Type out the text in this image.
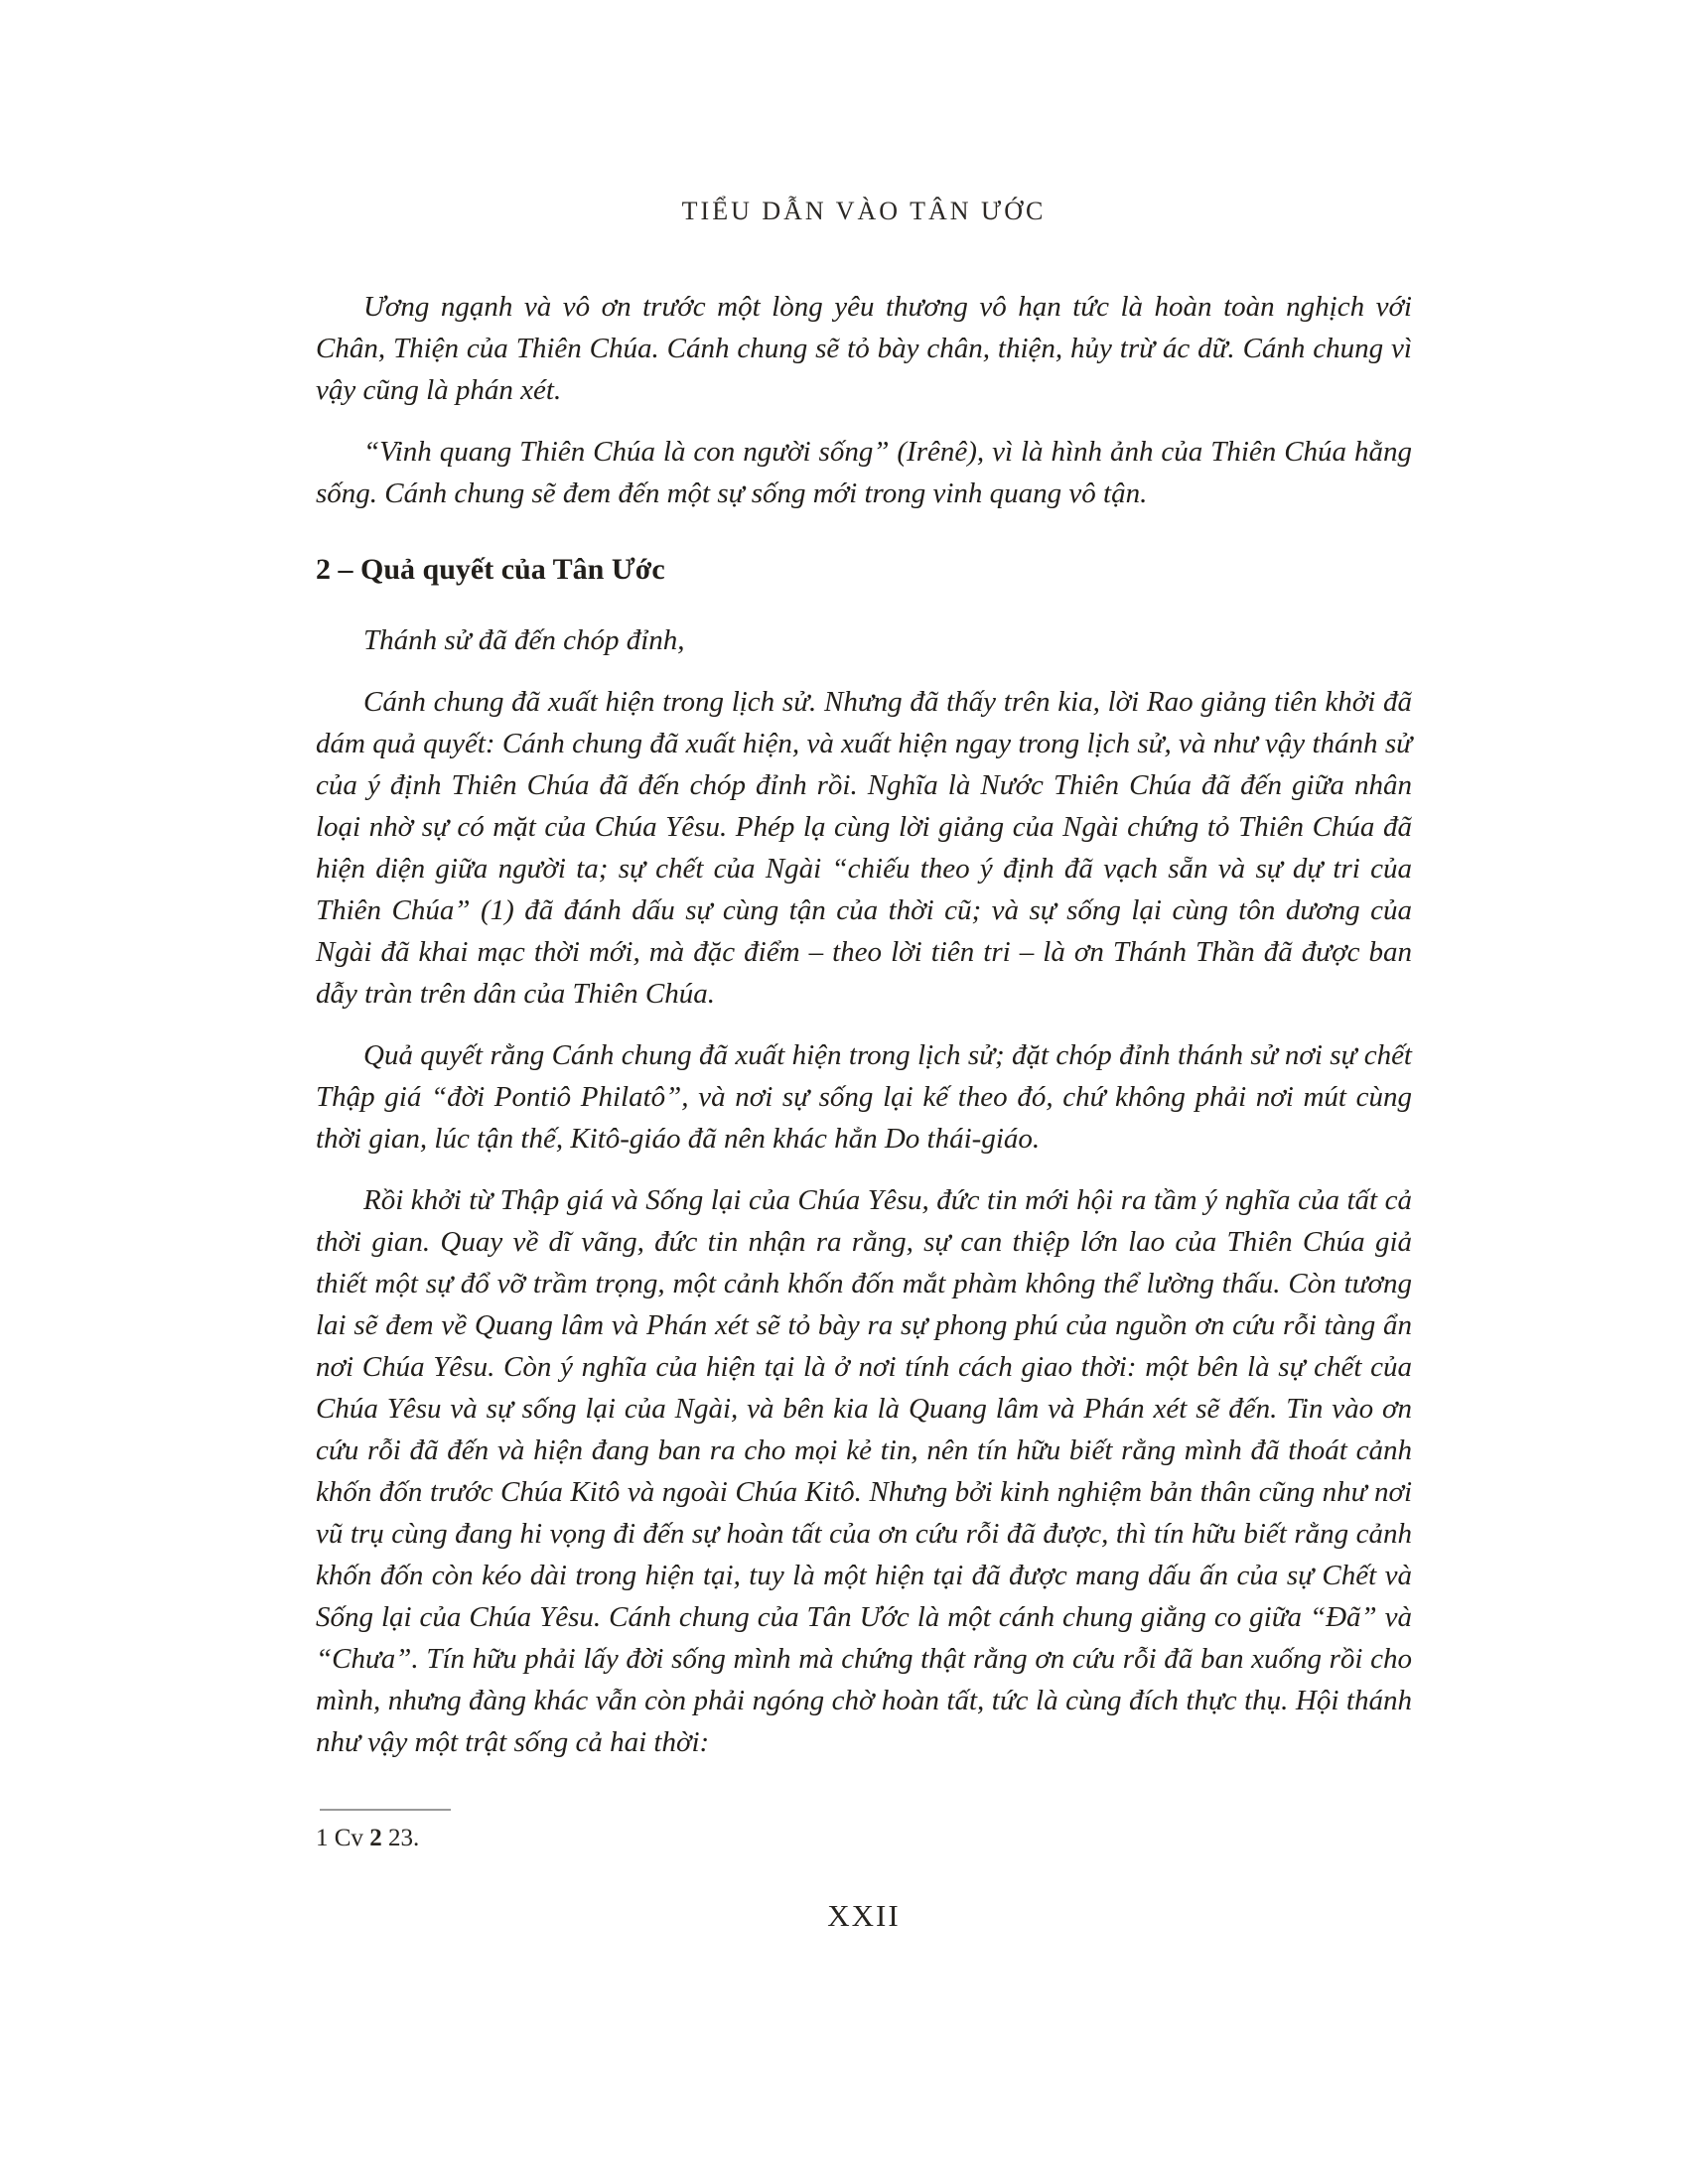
TIỂU DẪN VÀO TÂN ƯỚC

Ương ngạnh và vô ơn trước một lòng yêu thương vô hạn tức là hoàn toàn nghịch với Chân, Thiện của Thiên Chúa. Cánh chung sẽ tỏ bày chân, thiện, hủy trừ ác dữ. Cánh chung vì vậy cũng là phán xét.

“Vinh quang Thiên Chúa là con người sống” (Irênê), vì là hình ảnh của Thiên Chúa hằng sống. Cánh chung sẽ đem đến một sự sống mới trong vinh quang vô tận.

2 – Quả quyết của Tân Ước

Thánh sử đã đến chóp đỉnh,

Cánh chung đã xuất hiện trong lịch sử. Nhưng đã thấy trên kia, lời Rao giảng tiên khởi đã dám quả quyết: Cánh chung đã xuất hiện, và xuất hiện ngay trong lịch sử, và như vậy thánh sử của ý định Thiên Chúa đã đến chóp đỉnh rồi. Nghĩa là Nước Thiên Chúa đã đến giữa nhân loại nhờ sự có mặt của Chúa Yêsu. Phép lạ cùng lời giảng của Ngài chứng tỏ Thiên Chúa đã hiện diện giữa người ta; sự chết của Ngài “chiếu theo ý định đã vạch sẵn và sự dự tri của Thiên Chúa” (1) đã đánh dấu sự cùng tận của thời cũ; và sự sống lại cùng tôn dương của Ngài đã khai mạc thời mới, mà đặc điểm – theo lời tiên tri – là ơn Thánh Thần đã được ban dẫy tràn trên dân của Thiên Chúa.

Quả quyết rằng Cánh chung đã xuất hiện trong lịch sử; đặt chóp đỉnh thánh sử nơi sự chết Thập giá “đời Pontiô Philatô”, và nơi sự sống lại kế theo đó, chứ không phải nơi mút cùng thời gian, lúc tận thế, Kitô-giáo đã nên khác hẳn Do thái-giáo.

Rồi khởi từ Thập giá và Sống lại của Chúa Yêsu, đức tin mới hội ra tầm ý nghĩa của tất cả thời gian. Quay về dĩ vãng, đức tin nhận ra rằng, sự can thiệp lớn lao của Thiên Chúa giả thiết một sự đổ vỡ trầm trọng, một cảnh khốn đốn mắt phàm không thể lường thấu. Còn tương lai sẽ đem về Quang lâm và Phán xét sẽ tỏ bày ra sự phong phú của nguồn ơn cứu rỗi tàng ẩn nơi Chúa Yêsu. Còn ý nghĩa của hiện tại là ở nơi tính cách giao thời: một bên là sự chết của Chúa Yêsu và sự sống lại của Ngài, và bên kia là Quang lâm và Phán xét sẽ đến. Tin vào ơn cứu rỗi đã đến và hiện đang ban ra cho mọi kẻ tin, nên tín hữu biết rằng mình đã thoát cảnh khốn đốn trước Chúa Kitô và ngoài Chúa Kitô. Nhưng bởi kinh nghiệm bản thân cũng như nơi vũ trụ cùng đang hi vọng đi đến sự hoàn tất của ơn cứu rỗi đã được, thì tín hữu biết rằng cảnh khốn đốn còn kéo dài trong hiện tại, tuy là một hiện tại đã được mang dấu ấn của sự Chết và Sống lại của Chúa Yêsu. Cánh chung của Tân Ước là một cánh chung giằng co giữa “Đã” và “Chưa”. Tín hữu phải lấy đời sống mình mà chứng thật rằng ơn cứu rỗi đã ban xuống rồi cho mình, nhưng đàng khác vẫn còn phải ngóng chờ hoàn tất, tức là cùng đích thực thụ. Hội thánh như vậy một trật sống cả hai thời:

1 Cv 2 23.
XXII
